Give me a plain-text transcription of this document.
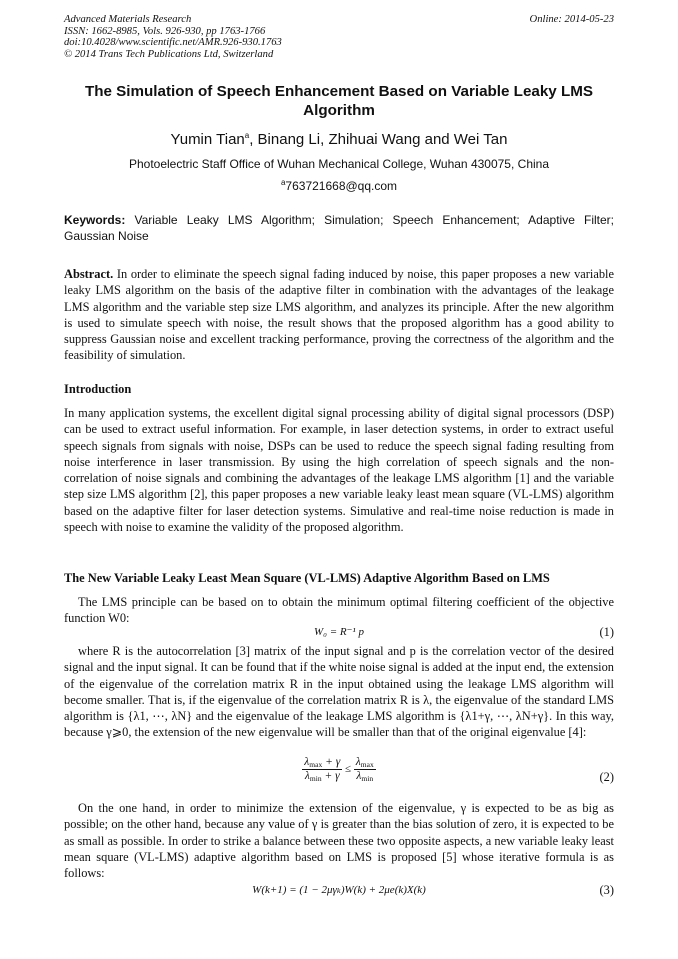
Advanced Materials Research
ISSN: 1662-8985, Vols. 926-930, pp 1763-1766
doi:10.4028/www.scientific.net/AMR.926-930.1763
© 2014 Trans Tech Publications Ltd, Switzerland
Online: 2014-05-23
The Simulation of Speech Enhancement Based on Variable Leaky LMS Algorithm
Yumin Tian$^a$, Binang Li, Zhihuai Wang and Wei Tan
Photoelectric Staff Office of Wuhan Mechanical College, Wuhan 430075, China
$^a$763721668@qq.com
Keywords: Variable Leaky LMS Algorithm; Simulation; Speech Enhancement; Adaptive Filter; Gaussian Noise
Abstract. In order to eliminate the speech signal fading induced by noise, this paper proposes a new variable leaky LMS algorithm on the basis of the adaptive filter in combination with the advantages of the leakage LMS algorithm and the variable step size LMS algorithm, and analyzes its principle. After the new algorithm is used to simulate speech with noise, the result shows that the proposed algorithm has a good ability to suppress Gaussian noise and excellent tracking performance, proving the correctness of the algorithm and the feasibility of simulation.
Introduction
In many application systems, the excellent digital signal processing ability of digital signal processors (DSP) can be used to extract useful information. For example, in laser detection systems, in order to extract useful speech signals from signals with noise, DSPs can be used to reduce the speech signal fading resulting from noise interference in laser transmission. By using the high correlation of speech signals and the non-correlation of noise signals and combining the advantages of the leakage LMS algorithm [1] and the variable step size LMS algorithm [2], this paper proposes a new variable leaky least mean square (VL-LMS) algorithm based on the adaptive filter for laser detection systems. Simulative and real-time noise reduction is made in speech with noise to examine the validity of the proposed algorithm.
The New Variable Leaky Least Mean Square (VL-LMS) Adaptive Algorithm Based on LMS
The LMS principle can be based on to obtain the minimum optimal filtering coefficient of the objective function W0:
W₀ = R⁻¹ p	(1)
where R is the autocorrelation [3] matrix of the input signal and p is the correlation vector of the desired signal and the input signal. It can be found that if the white noise signal is added at the input end, the extension of the eigenvalue of the correlation matrix R in the input obtained using the leakage LMS algorithm will become smaller. That is, if the eigenvalue of the correlation matrix R is λ, the eigenvalue of the standard LMS algorithm is {λ1, ⋯, λN} and the eigenvalue of the leakage LMS algorithm is {λ1+γ, ⋯, λN+γ}. In this way, because γ⩾0, the extension of the new eigenvalue will be smaller than that of the original eigenvalue [4]:
$\frac{\lambda_{max} + \gamma}{\lambda_{min} + \gamma} \le \frac{\lambda_{max}}{\lambda_{min}}$	(2)
On the one hand, in order to minimize the extension of the eigenvalue, γ is expected to be as big as possible; on the other hand, because any value of γ is greater than the bias solution of zero, it is expected to be as small as possible. In order to strike a balance between these two opposite aspects, a new variable leaky least mean square (VL-LMS) adaptive algorithm based on LMS is proposed [5] whose iterative formula is as follows:
W(k+1) = (1 − 2μγₖ)W(k) + 2μe(k)X(k)	(3)
